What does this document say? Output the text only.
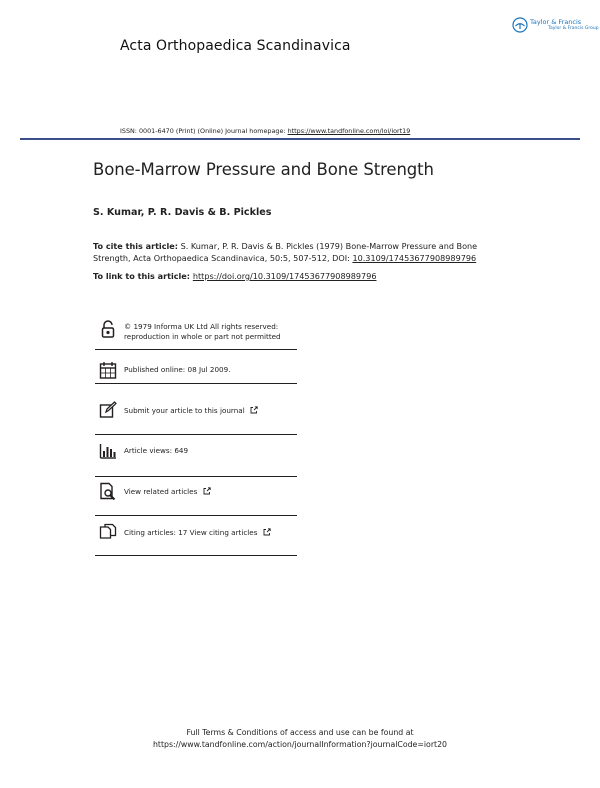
Taylor & Francis
Taylor & Francis Group
Acta Orthopaedica Scandinavica
ISSN: 0001-6470 (Print) (Online) Journal homepage: https://www.tandfonline.com/loi/iort19
Bone-Marrow Pressure and Bone Strength
S. Kumar, P. R. Davis & B. Pickles
To cite this article: S. Kumar, P. R. Davis & B. Pickles (1979) Bone-Marrow Pressure and Bone Strength, Acta Orthopaedica Scandinavica, 50:5, 507-512, DOI: 10.3109/17453677908989796
To link to this article: https://doi.org/10.3109/17453677908989796
© 1979 Informa UK Ltd All rights reserved:
reproduction in whole or part not permitted
Published online: 08 Jul 2009.
Submit your article to this journal
Article views: 649
View related articles
Citing articles: 17 View citing articles
Full Terms & Conditions of access and use can be found at
https://www.tandfonline.com/action/journalInformation?journalCode=iort20
